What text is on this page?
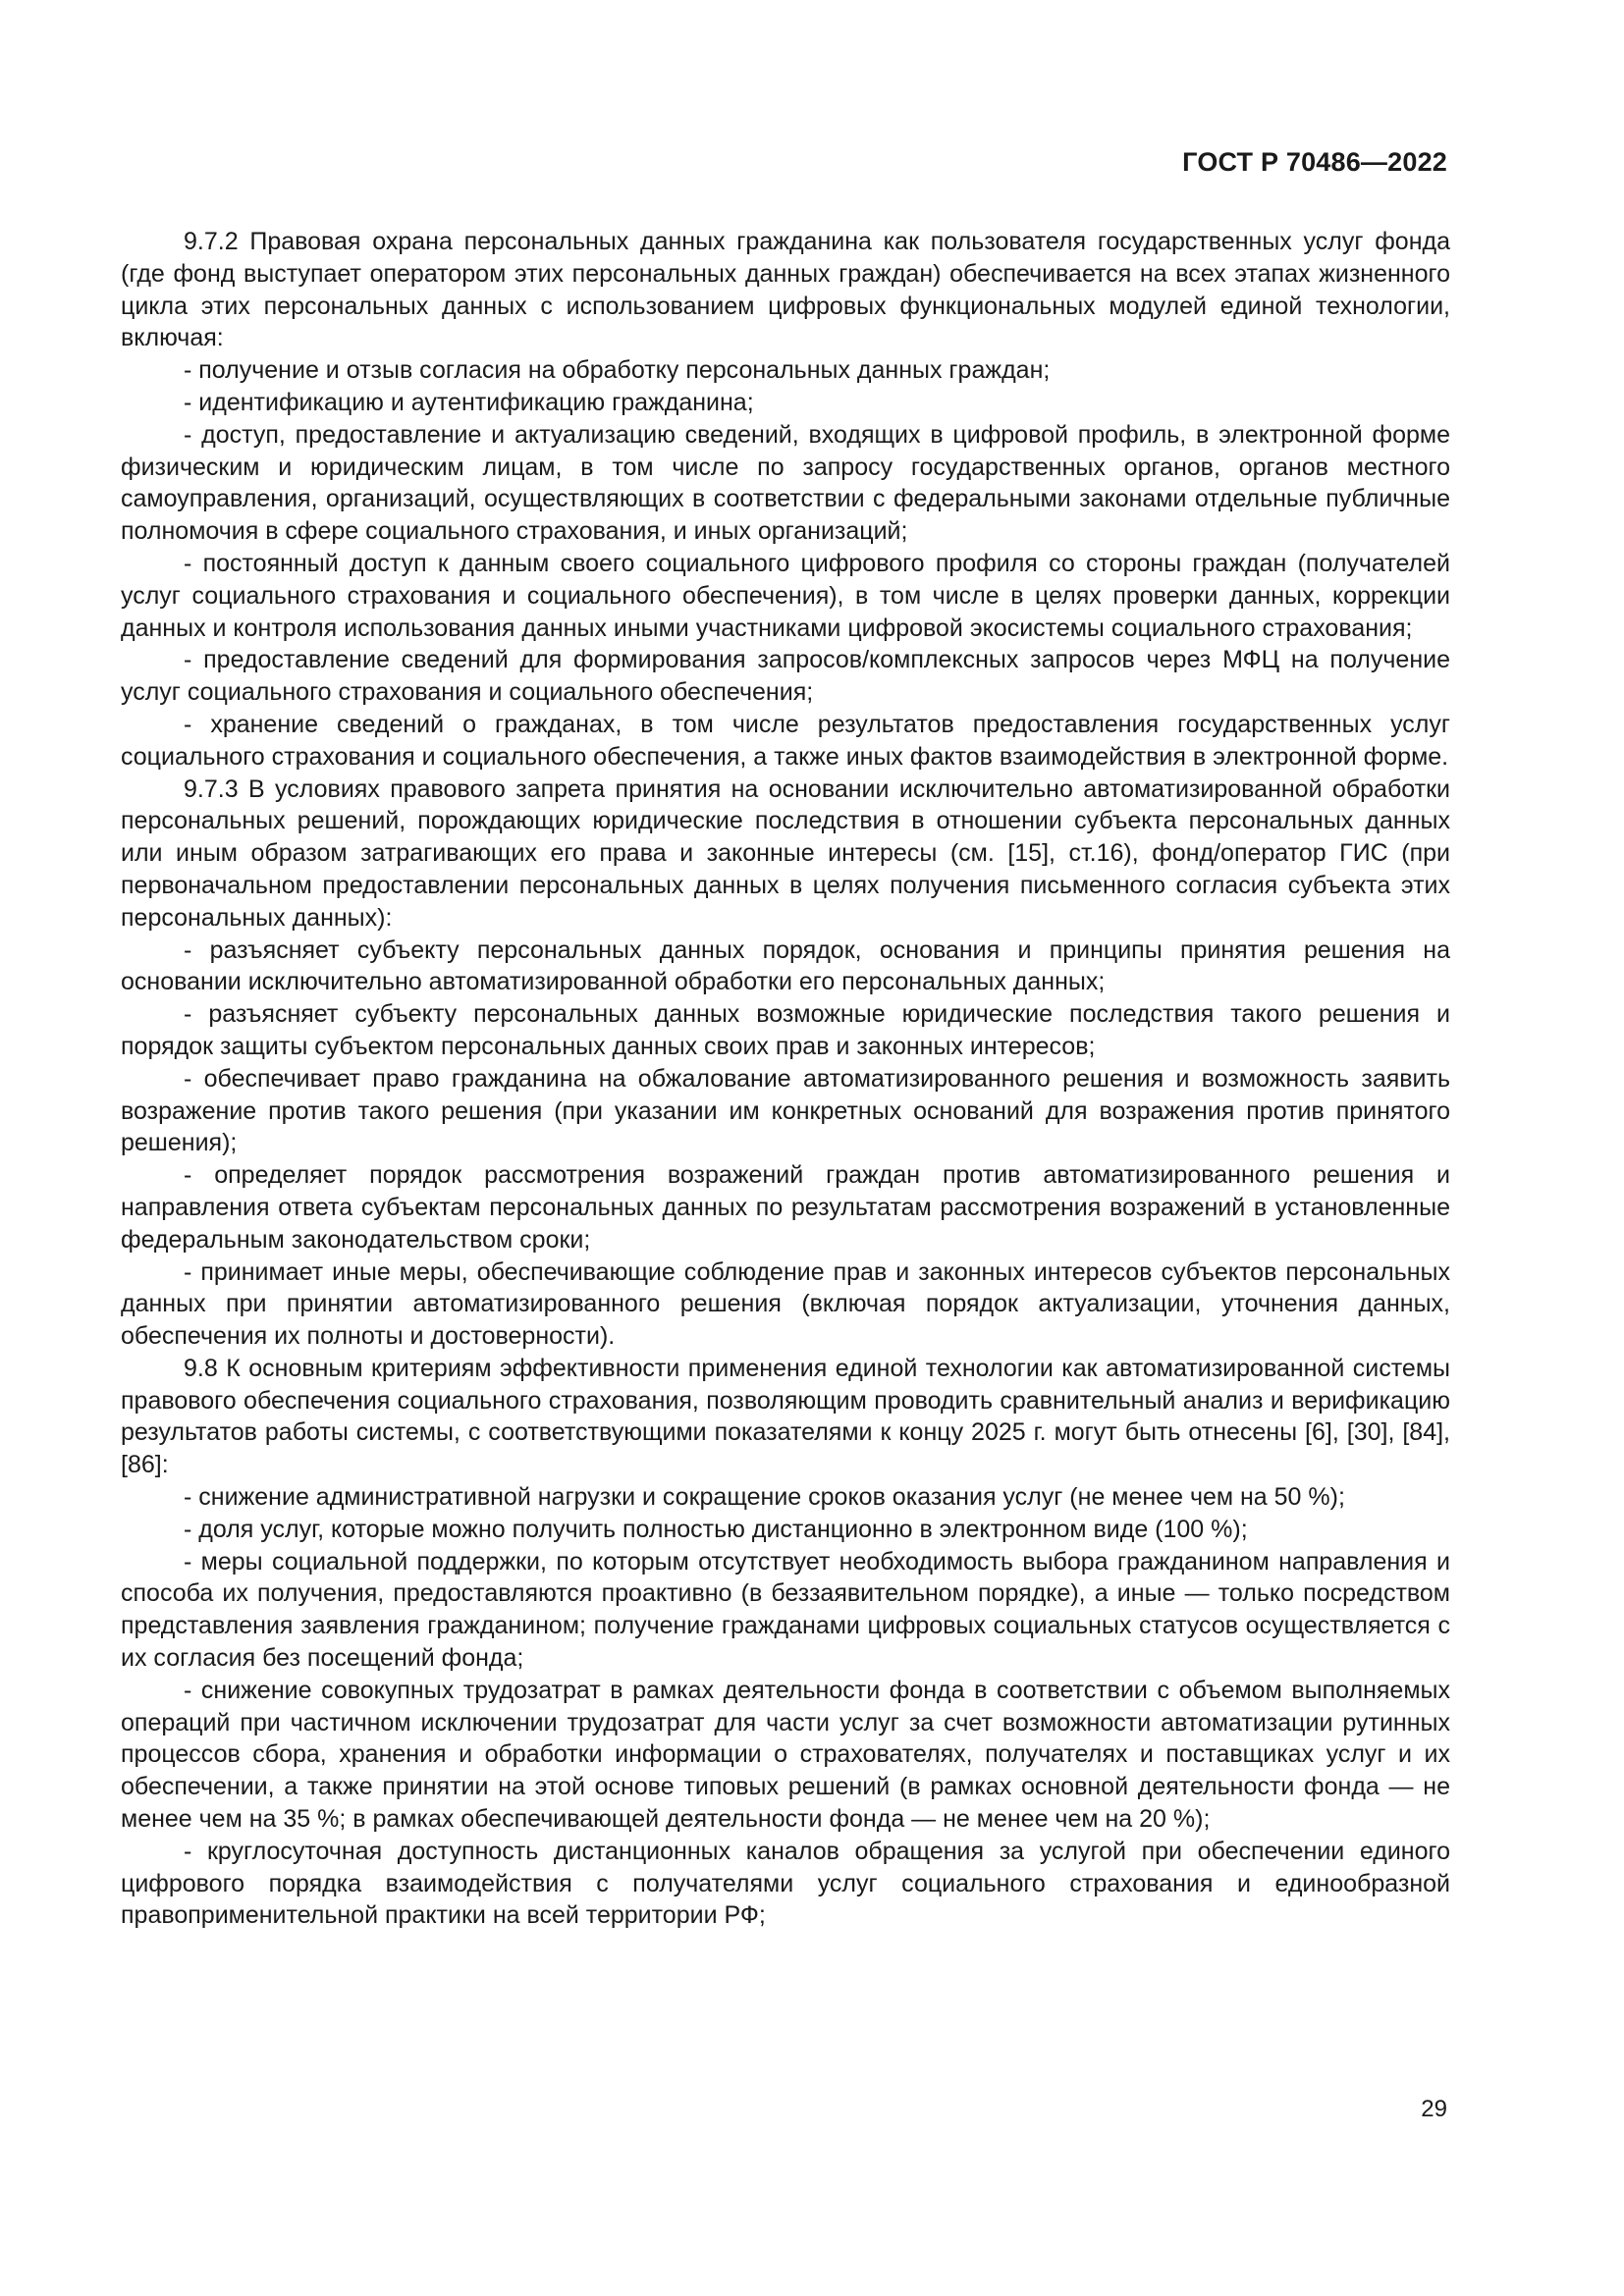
ГОСТ Р 70486—2022

9.7.2 Правовая охрана персональных данных гражданина как пользователя государственных услуг фонда (где фонд выступает оператором этих персональных данных граждан) обеспечивается на всех этапах жизненного цикла этих персональных данных с использованием цифровых функциональных модулей единой технологии, включая:

- получение и отзыв согласия на обработку персональных данных граждан;

- идентификацию и аутентификацию гражданина;

- доступ, предоставление и актуализацию сведений, входящих в цифровой профиль, в электронной форме физическим и юридическим лицам, в том числе по запросу государственных органов, органов местного самоуправления, организаций, осуществляющих в соответствии с федеральными законами отдельные публичные полномочия в сфере социального страхования, и иных организаций;

- постоянный доступ к данным своего социального цифрового профиля со стороны граждан (получателей услуг социального страхования и социального обеспечения), в том числе в целях проверки данных, коррекции данных и контроля использования данных иными участниками цифровой экосистемы социального страхования;

- предоставление сведений для формирования запросов/комплексных запросов через МФЦ на получение услуг социального страхования и социального обеспечения;

- хранение сведений о гражданах, в том числе результатов предоставления государственных услуг социального страхования и социального обеспечения, а также иных фактов взаимодействия в электронной форме.

9.7.3 В условиях правового запрета принятия на основании исключительно автоматизированной обработки персональных решений, порождающих юридические последствия в отношении субъекта персональных данных или иным образом затрагивающих его права и законные интересы (см. [15], ст.16), фонд/оператор ГИС (при первоначальном предоставлении персональных данных в целях получения письменного согласия субъекта этих персональных данных):

- разъясняет субъекту персональных данных порядок, основания и принципы принятия решения на основании исключительно автоматизированной обработки его персональных данных;

- разъясняет субъекту персональных данных возможные юридические последствия такого решения и порядок защиты субъектом персональных данных своих прав и законных интересов;

- обеспечивает право гражданина на обжалование автоматизированного решения и возможность заявить возражение против такого решения (при указании им конкретных оснований для возражения против принятого решения);

- определяет порядок рассмотрения возражений граждан против автоматизированного решения и направления ответа субъектам персональных данных по результатам рассмотрения возражений в установленные федеральным законодательством сроки;

- принимает иные меры, обеспечивающие соблюдение прав и законных интересов субъектов персональных данных при принятии автоматизированного решения (включая порядок актуализации, уточнения данных, обеспечения их полноты и достоверности).

9.8 К основным критериям эффективности применения единой технологии как автоматизированной системы правового обеспечения социального страхования, позволяющим проводить сравнительный анализ и верификацию результатов работы системы, с соответствующими показателями к концу 2025 г. могут быть отнесены [6], [30], [84], [86]:

- снижение административной нагрузки и сокращение сроков оказания услуг (не менее чем на 50 %);

- доля услуг, которые можно получить полностью дистанционно в электронном виде (100 %);

- меры социальной поддержки, по которым отсутствует необходимость выбора гражданином направления и способа их получения, предоставляются проактивно (в беззаявительном порядке), а иные — только посредством представления заявления гражданином; получение гражданами цифровых социальных статусов осуществляется с их согласия без посещений фонда;

- снижение совокупных трудозатрат в рамках деятельности фонда в соответствии с объемом выполняемых операций при частичном исключении трудозатрат для части услуг за счет возможности автоматизации рутинных процессов сбора, хранения и обработки информации о страхователях, получателях и поставщиках услуг и их обеспечении, а также принятии на этой основе типовых решений (в рамках основной деятельности фонда — не менее чем на 35 %; в рамках обеспечивающей деятельности фонда — не менее чем на 20 %);

- круглосуточная доступность дистанционных каналов обращения за услугой при обеспечении единого цифрового порядка взаимодействия с получателями услуг социального страхования и единообразной правоприменительной практики на всей территории РФ;

29
